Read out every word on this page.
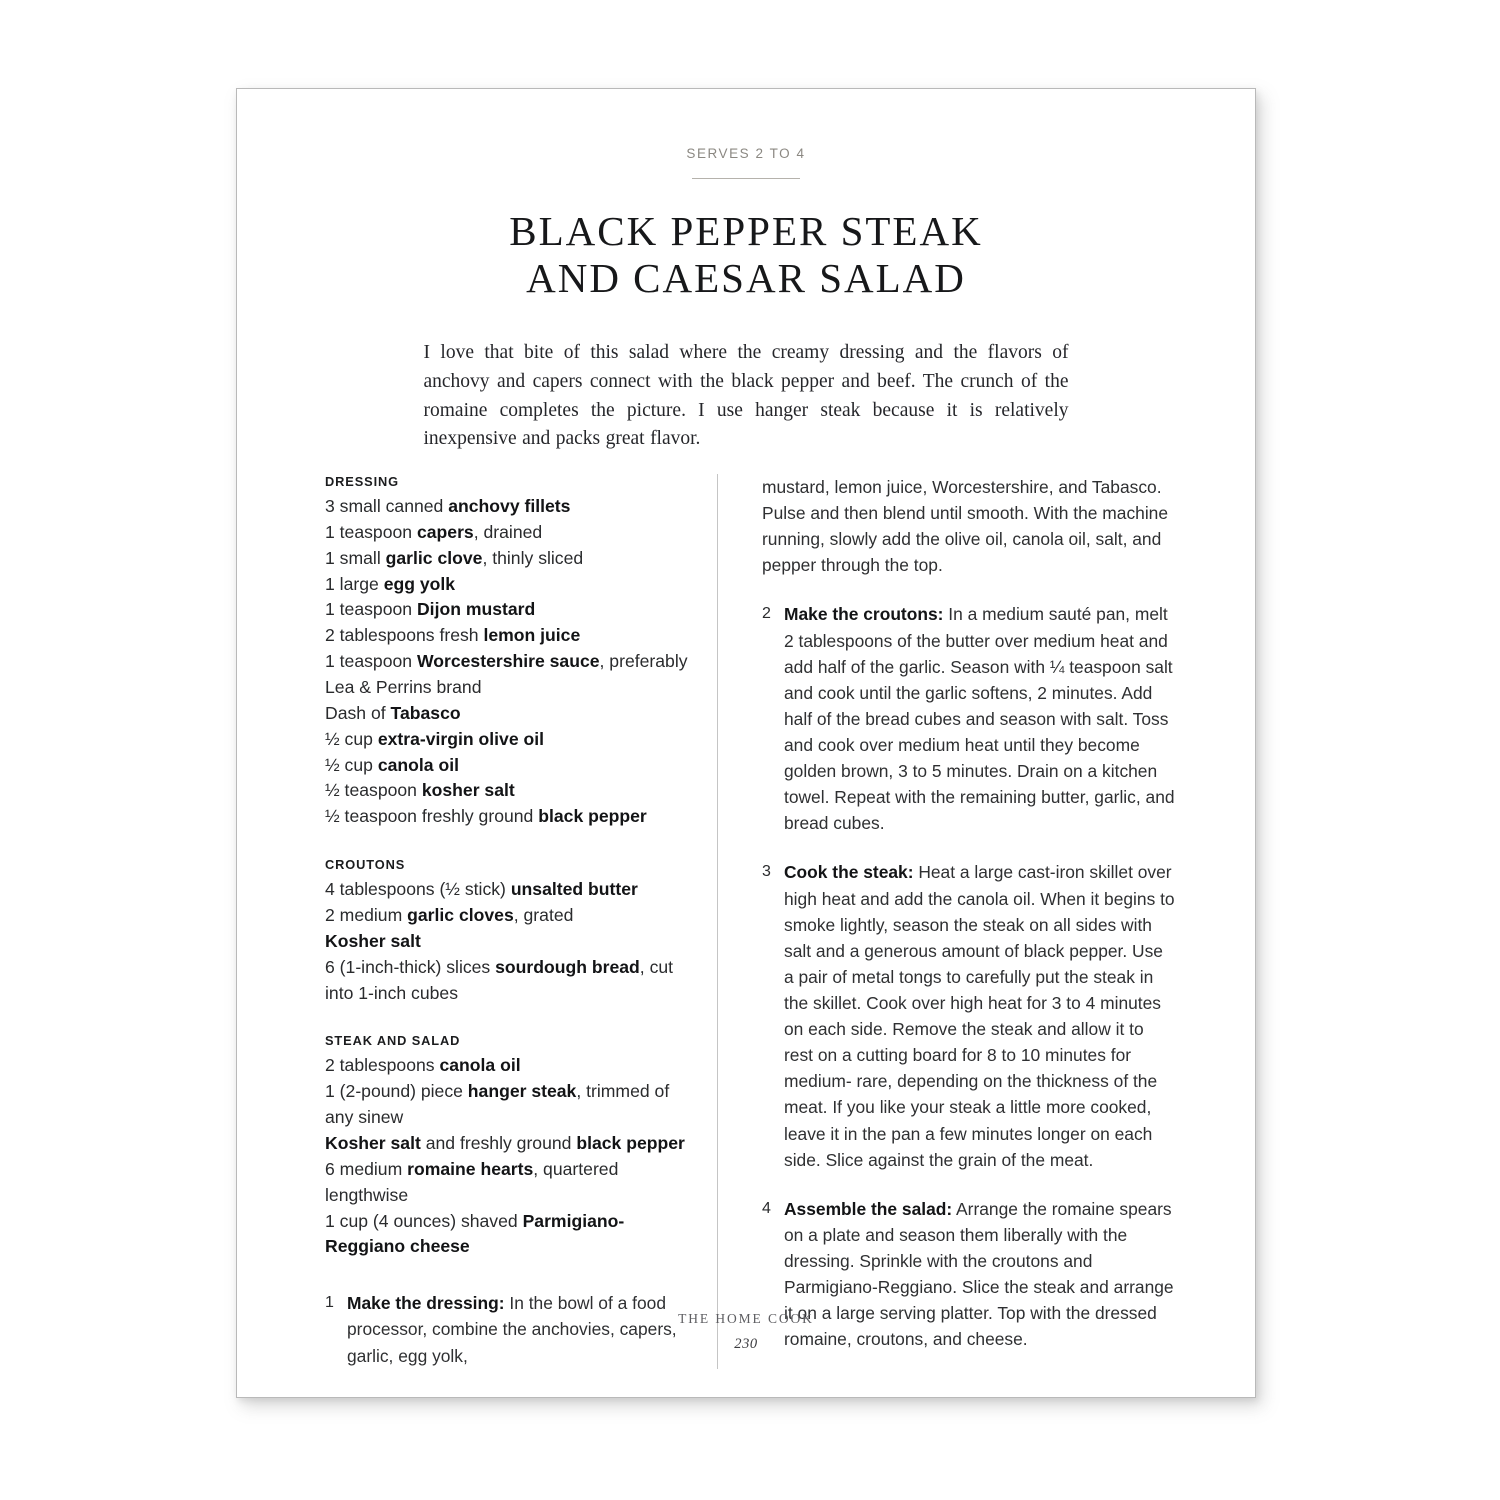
SERVES 2 TO 4
BLACK PEPPER STEAK
AND CAESAR SALAD

I love that bite of this salad where the creamy dressing and the flavors of anchovy and capers connect with the black pepper and beef. The crunch of the romaine completes the picture. I use hanger steak because it is relatively inexpensive and packs great flavor.

DRESSING
3 small canned anchovy fillets
1 teaspoon capers, drained
1 small garlic clove, thinly sliced
1 large egg yolk
1 teaspoon Dijon mustard
2 tablespoons fresh lemon juice
1 teaspoon Worcestershire sauce, preferably Lea & Perrins brand
Dash of Tabasco
½ cup extra-virgin olive oil
½ cup canola oil
½ teaspoon kosher salt
½ teaspoon freshly ground black pepper
CROUTONS
4 tablespoons (½ stick) unsalted butter
2 medium garlic cloves, grated
Kosher salt
6 (1-inch-thick) slices sourdough bread, cut into 1-inch cubes
STEAK AND SALAD
2 tablespoons canola oil
1 (2-pound) piece hanger steak, trimmed of any sinew
Kosher salt and freshly ground black pepper
6 medium romaine hearts, quartered lengthwise
1 cup (4 ounces) shaved Parmigiano-Reggiano cheese
1 Make the dressing: In the bowl of a food processor, combine the anchovies, capers, garlic, egg yolk,

mustard, lemon juice, Worcestershire, and Tabasco. Pulse and then blend until smooth. With the machine running, slowly add the olive oil, canola oil, salt, and pepper through the top.

2 Make the croutons: In a medium sauté pan, melt 2 tablespoons of the butter over medium heat and add half of the garlic. Season with ¼ teaspoon salt and cook until the garlic softens, 2 minutes. Add half of the bread cubes and season with salt. Toss and cook over medium heat until they become golden brown, 3 to 5 minutes. Drain on a kitchen towel. Repeat with the remaining butter, garlic, and bread cubes.
3 Cook the steak: Heat a large cast-iron skillet over high heat and add the canola oil. When it begins to smoke lightly, season the steak on all sides with salt and a generous amount of black pepper. Use a pair of metal tongs to carefully put the steak in the skillet. Cook over high heat for 3 to 4 minutes on each side. Remove the steak and allow it to rest on a cutting board for 8 to 10 minutes for medium- rare, depending on the thickness of the meat. If you like your steak a little more cooked, leave it in the pan a few minutes longer on each side. Slice against the grain of the meat.
4 Assemble the salad: Arrange the romaine spears on a plate and season them liberally with the dressing. Sprinkle with the croutons and Parmigiano-Reggiano. Slice the steak and arrange it on a large serving platter. Top with the dressed romaine, croutons, and cheese.
THE HOME COOK
230
